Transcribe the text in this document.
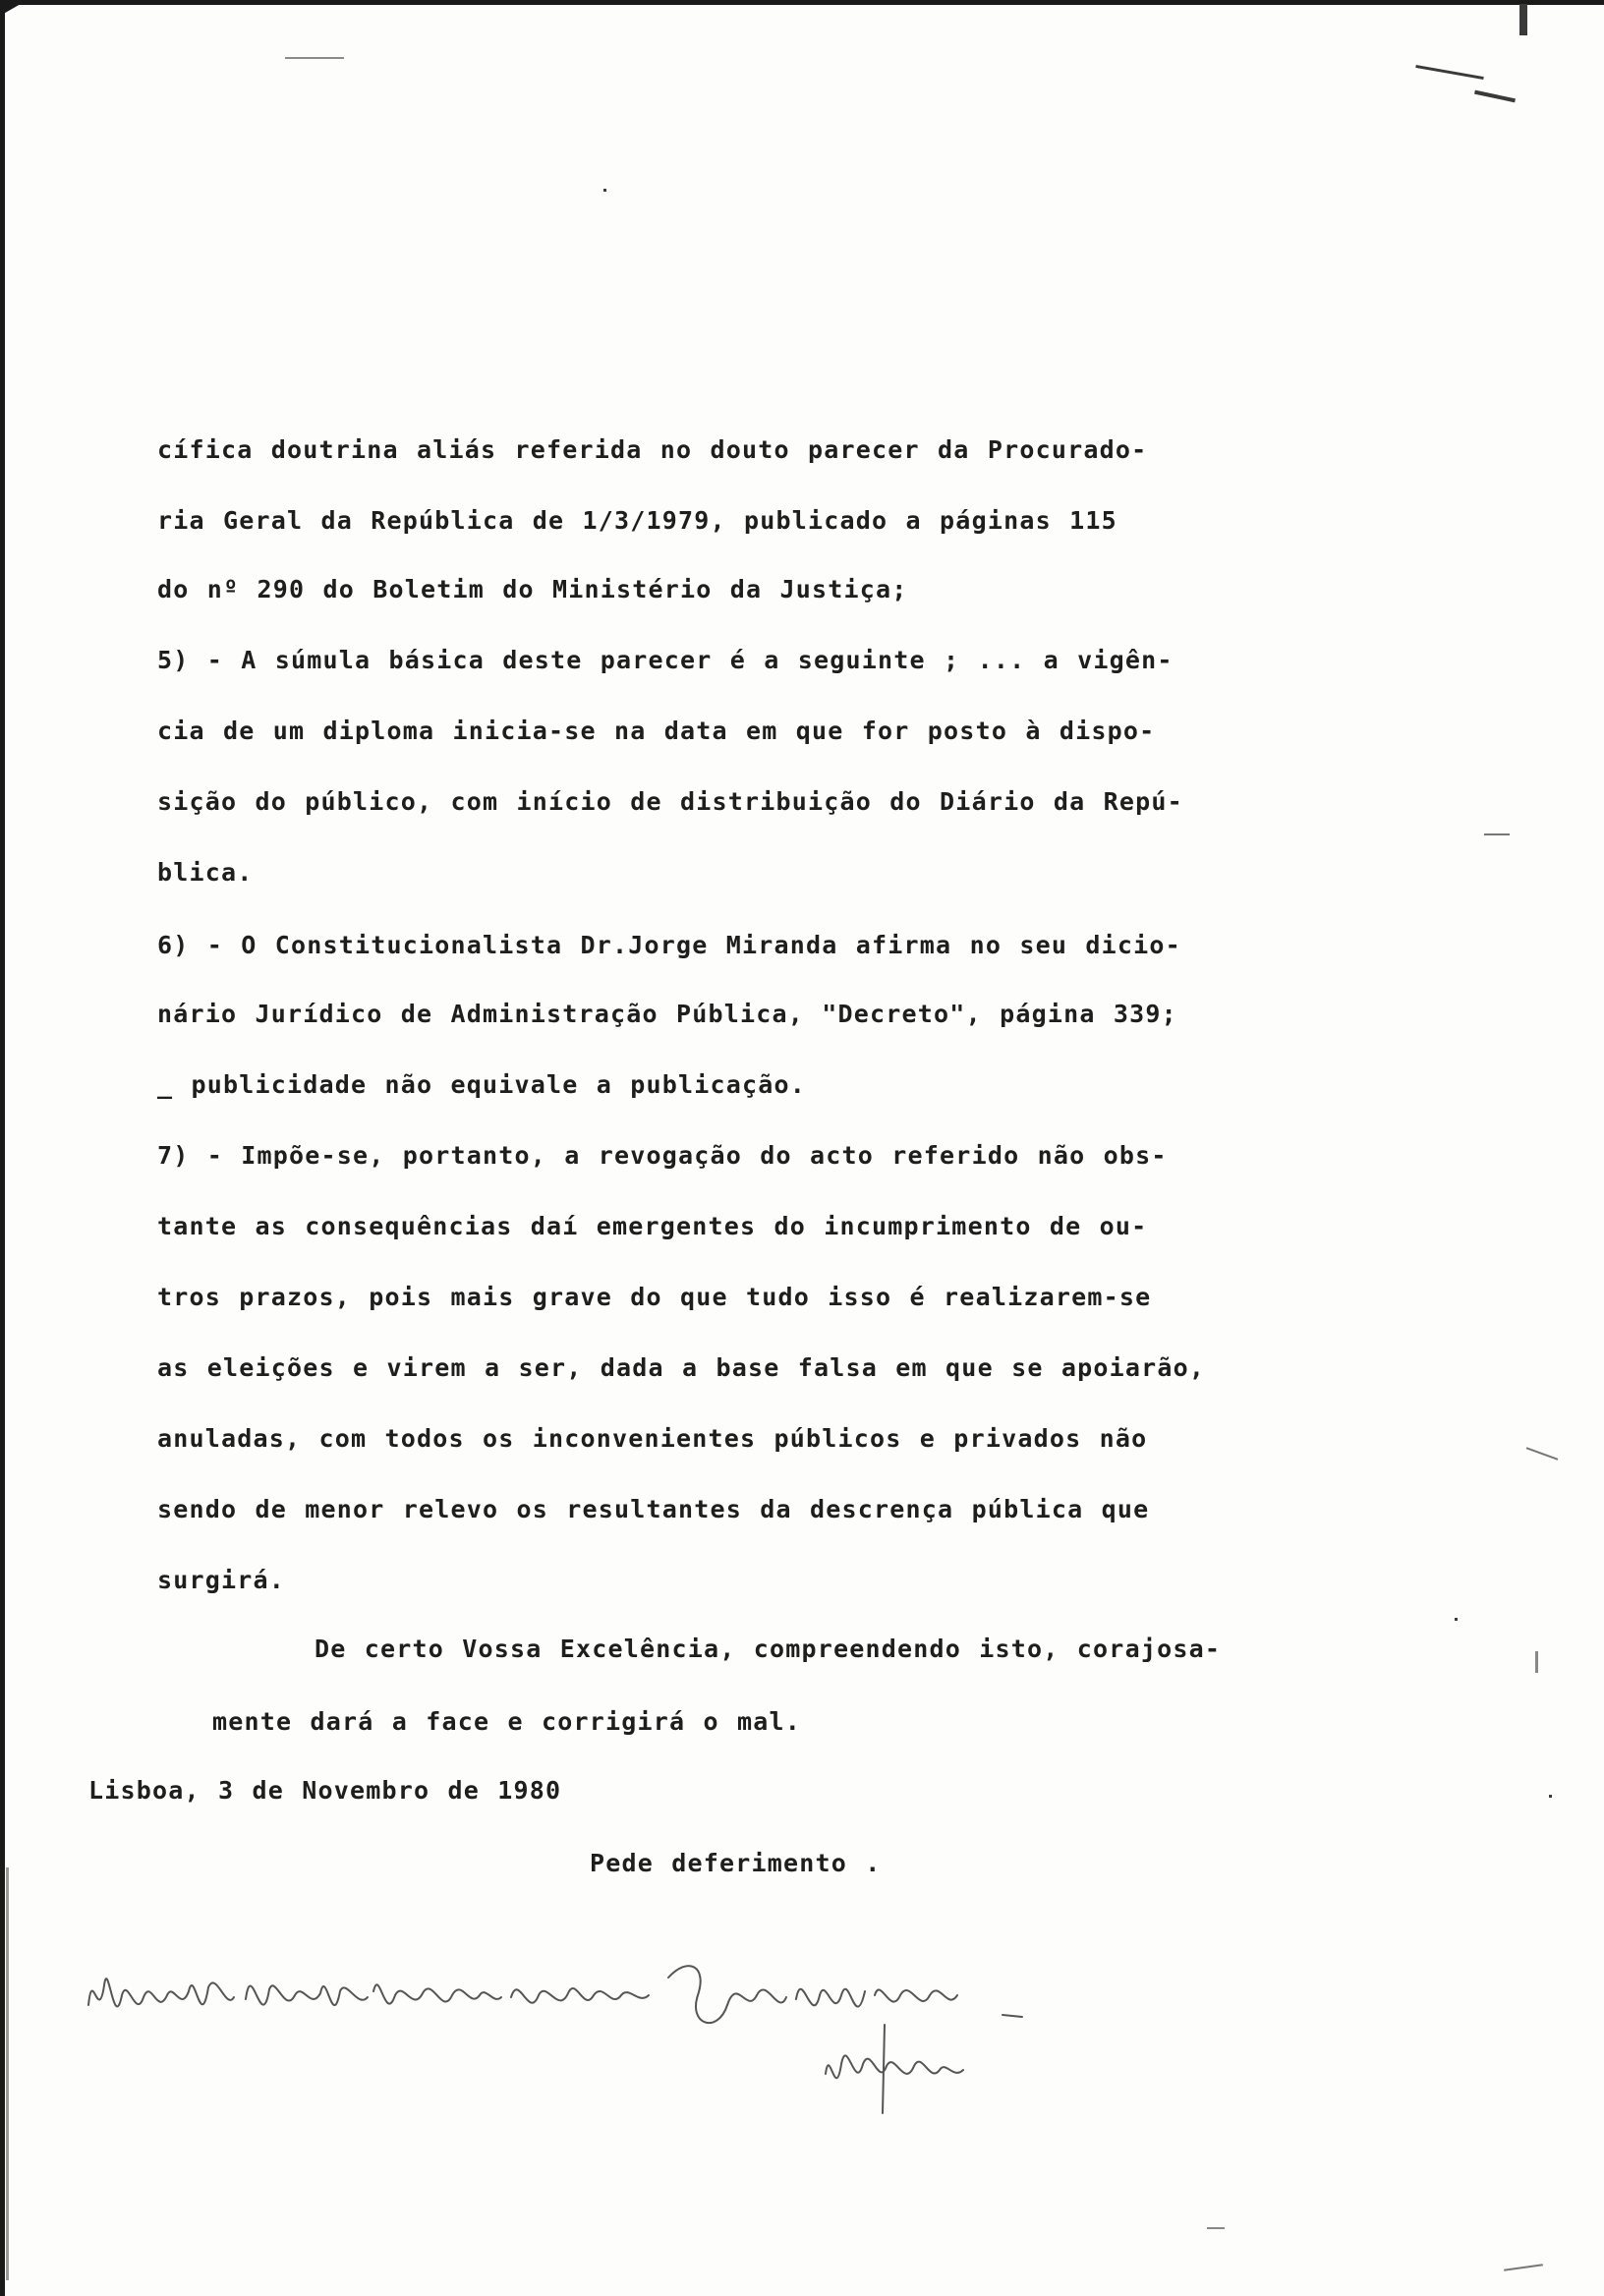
cífica doutrina aliás referida no douto parecer da Procurado-
ria Geral da República de 1/3/1979, publicado a páginas 115
do nº 290 do Boletim do Ministério da Justiça;
5) - A súmula básica deste parecer é a seguinte ; ... a vigên-
cia de um diploma inicia-se na data em que for posto à dispo-
sição do público, com início de distribuição do Diário da Repú-
blica.
6) - O Constitucionalista Dr.Jorge Miranda afirma no seu dicio-
nário Jurídico de Administração Pública, "Decreto", página 339;
_ publicidade não equivale a publicação.
7) - Impõe-se, portanto, a revogação do acto referido não obs-
tante as consequências daí emergentes do incumprimento de ou-
tros prazos, pois mais grave do que tudo isso é realizarem-se
as eleições e virem a ser, dada a base falsa em que se apoiarão,
anuladas, com todos os inconvenientes públicos e privados não
sendo de menor relevo os resultantes da descrença pública que
surgirá.
De certo Vossa Excelência, compreendendo isto, corajosa-
mente dará a face e corrigirá o mal.
Lisboa, 3 de Novembro de 1980
Pede deferimento .
